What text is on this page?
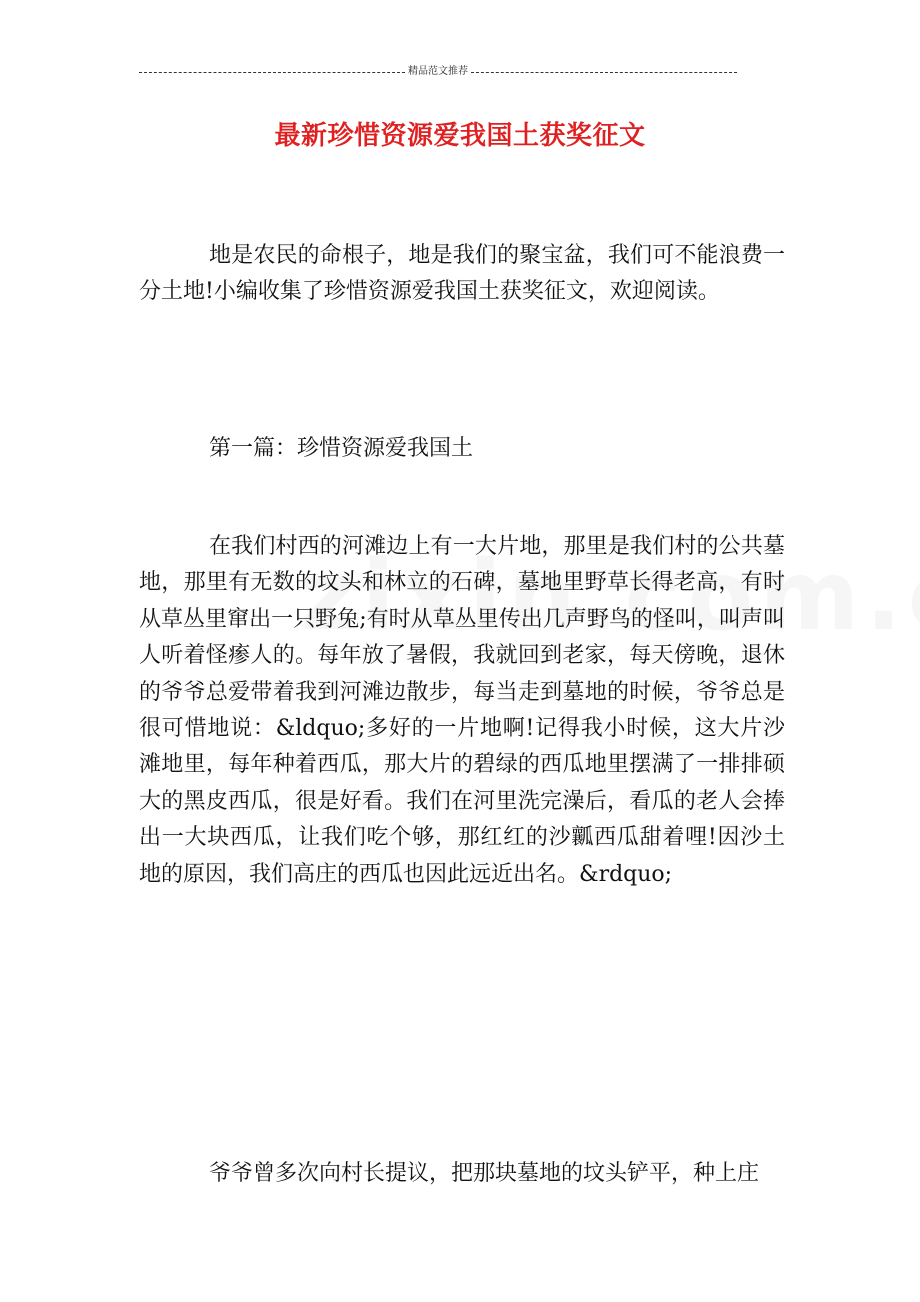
精品范文推荐
最新珍惜资源爱我国土获奖征文

地是农民的命根子，地是我们的聚宝盆，我们可不能浪费一分土地!小编收集了珍惜资源爱我国土获奖征文，欢迎阅读。

第一篇：珍惜资源爱我国土

在我们村西的河滩边上有一大片地，那里是我们村的公共墓地，那里有无数的坟头和林立的石碑，墓地里野草长得老高，有时从草丛里窜出一只野兔;有时从草丛里传出几声野鸟的怪叫，叫声叫人听着怪瘆人的。每年放了暑假，我就回到老家，每天傍晚，退休的爷爷总爱带着我到河滩边散步，每当走到墓地的时候，爷爷总是很可惜地说：&ldquo;多好的一片地啊!记得我小时候，这大片沙滩地里，每年种着西瓜，那大片的碧绿的西瓜地里摆满了一排排硕大的黑皮西瓜，很是好看。我们在河里洗完澡后，看瓜的老人会捧出一大块西瓜，让我们吃个够，那红红的沙瓤西瓜甜着哩!因沙土地的原因，我们高庄的西瓜也因此远近出名。&rdquo;

爷爷曾多次向村长提议，把那块墓地的坟头铲平，种上庄
